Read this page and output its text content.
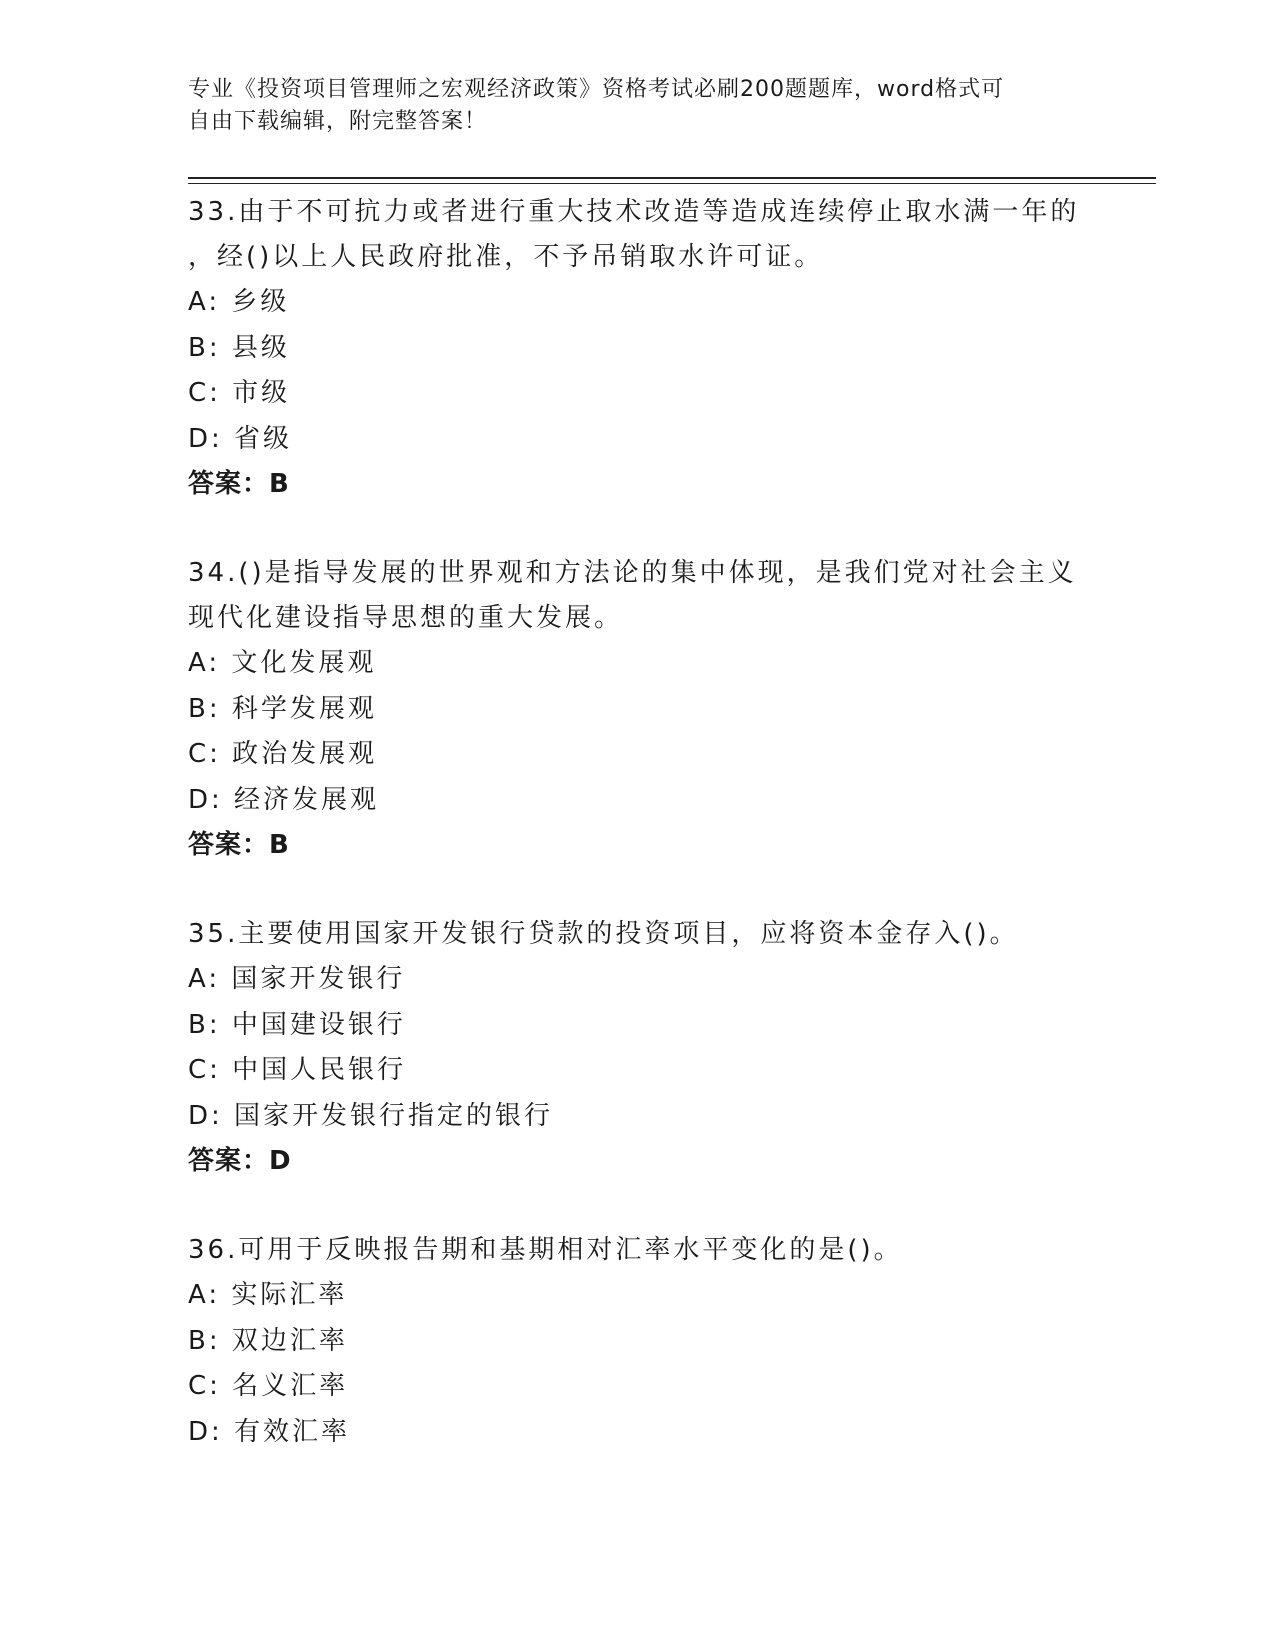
专业《投资项目管理师之宏观经济政策》资格考试必刷200题题库，word格式可
自由下载编辑，附完整答案！
33.由于不可抗力或者进行重大技术改造等造成连续停止取水满一年的
，经()以上人民政府批准，不予吊销取水许可证。
A: 乡级
B: 县级
C: 市级
D: 省级
答案：B
34.()是指导发展的世界观和方法论的集中体现，是我们党对社会主义
现代化建设指导思想的重大发展。
A: 文化发展观
B: 科学发展观
C: 政治发展观
D: 经济发展观
答案：B
35.主要使用国家开发银行贷款的投资项目，应将资本金存入()。
A: 国家开发银行
B: 中国建设银行
C: 中国人民银行
D: 国家开发银行指定的银行
答案：D
36.可用于反映报告期和基期相对汇率水平变化的是()。
A: 实际汇率
B: 双边汇率
C: 名义汇率
D: 有效汇率
